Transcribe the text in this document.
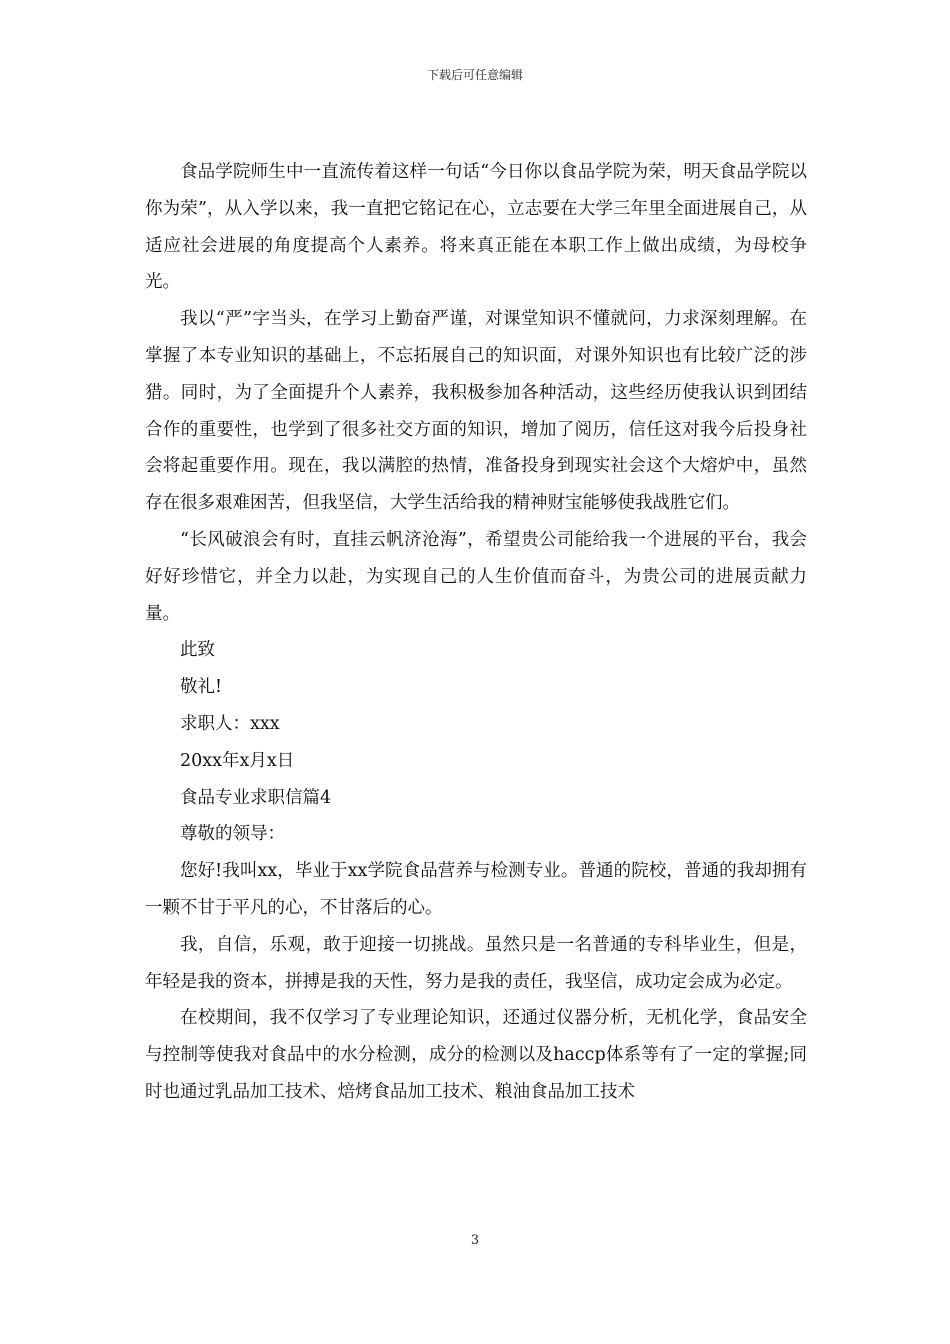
下载后可任意编辑

食品学院师生中一直流传着这样一句话“今日你以食品学院为荣，明天食品学院以你为荣”，从入学以来，我一直把它铭记在心，立志要在大学三年里全面进展自己，从适应社会进展的角度提高个人素养。将来真正能在本职工作上做出成绩，为母校争光。

我以“严”字当头，在学习上勤奋严谨，对课堂知识不懂就问，力求深刻理解。在掌握了本专业知识的基础上，不忘拓展自己的知识面，对课外知识也有比较广泛的涉猎。同时，为了全面提升个人素养，我积极参加各种活动，这些经历使我认识到团结合作的重要性，也学到了很多社交方面的知识，增加了阅历，信任这对我今后投身社会将起重要作用。现在，我以满腔的热情，准备投身到现实社会这个大熔炉中，虽然存在很多艰难困苦，但我坚信，大学生活给我的精神财宝能够使我战胜它们。

“长风破浪会有时，直挂云帆济沧海”，希望贵公司能给我一个进展的平台，我会好好珍惜它，并全力以赴，为实现自己的人生价值而奋斗，为贵公司的进展贡献力量。

此致

敬礼!

求职人：xxx

20xx年x月x日

食品专业求职信篇4

尊敬的领导：

您好!我叫xx，毕业于xx学院食品营养与检测专业。普通的院校，普通的我却拥有一颗不甘于平凡的心，不甘落后的心。

我，自信，乐观，敢于迎接一切挑战。虽然只是一名普通的专科毕业生，但是，年轻是我的资本，拼搏是我的天性，努力是我的责任，我坚信，成功定会成为必定。

在校期间，我不仅学习了专业理论知识，还通过仪器分析，无机化学，食品安全与控制等使我对食品中的水分检测，成分的检测以及haccp体系等有了一定的掌握;同时也通过乳品加工技术、焙烤食品加工技术、粮油食品加工技术

3
